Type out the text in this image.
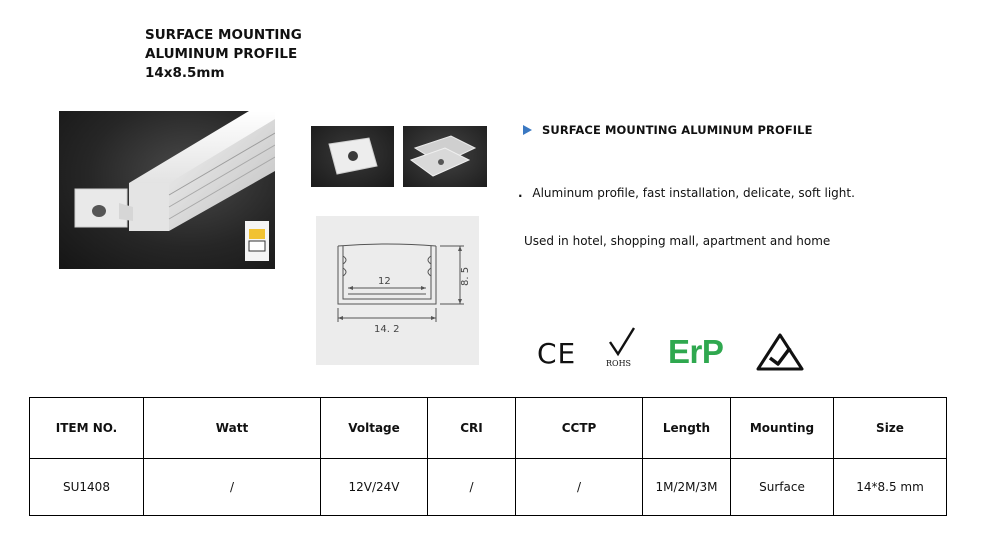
SURFACE MOUNTING
ALUMINUM PROFILE
14x8.5mm
12
14. 2
8. 5
SURFACE MOUNTING ALUMINUM PROFILE
. Aluminum profile, fast installation, delicate, soft light.
Used in hotel, shopping mall, apartment and home
CE	ROHS ErP
ITEM NO.	Watt	Voltage	CRI	CCTP	Length	Mounting	Size
SU1408	/	12V/24V	/	/	1M/2M/3M	Surface	14*8.5 mm
